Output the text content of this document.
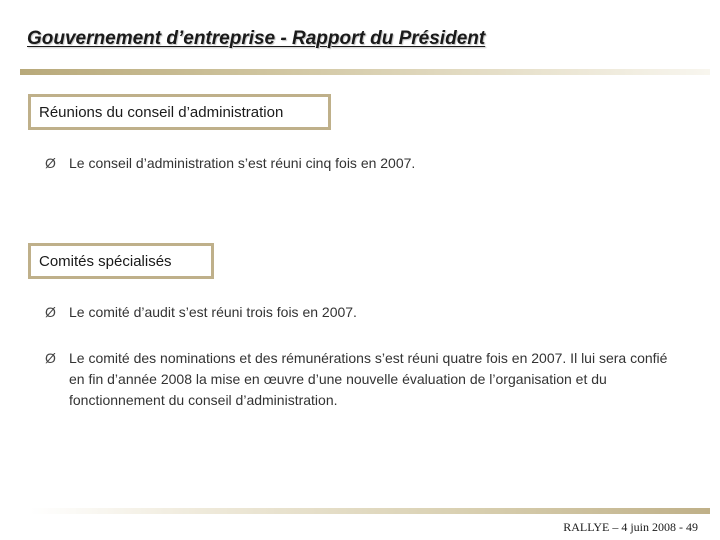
Gouvernement d’entreprise - Rapport du Président
Réunions du conseil d’administration
Ø Le conseil d’administration s’est réuni cinq fois en 2007.
Comités spécialisés
Ø Le comité d’audit s’est réuni trois fois en 2007.
Ø Le comité des nominations et des rémunérations s’est réuni quatre fois en 2007. Il lui sera confié en fin d’année 2008 la mise en œuvre d’une nouvelle évaluation de l’organisation et du fonctionnement du conseil d’administration.
RALLYE – 4 juin 2008 - 49
